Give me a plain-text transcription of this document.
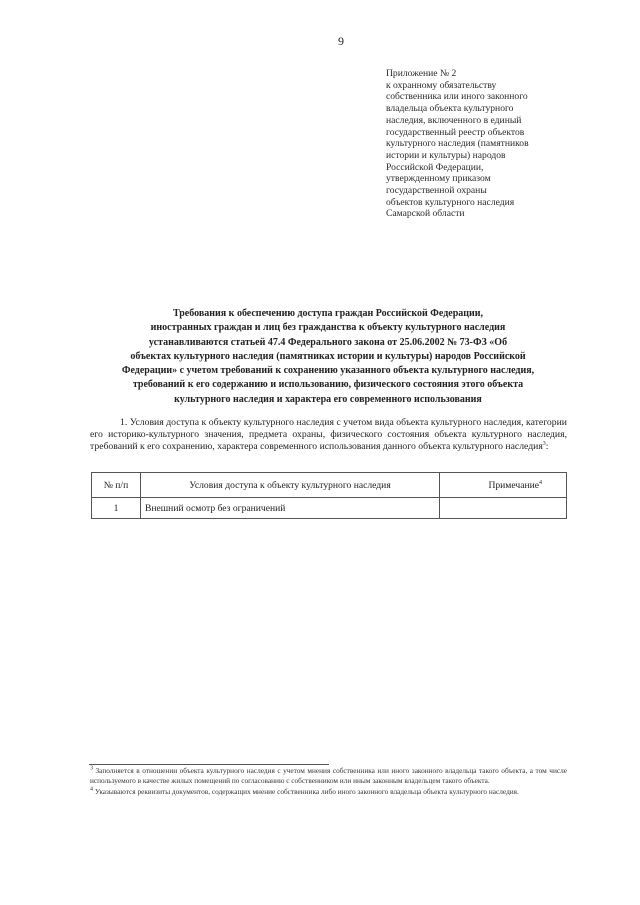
9
Приложение № 2
к охранному обязательству
собственника или иного законного
владельца объекта культурного
наследия, включенного в единый
государственный реестр объектов
культурного наследия (памятников
истории и культуры) народов
Российской Федерации,
утвержденному приказом
государственной охраны
объектов культурного наследия
Самарской области
Требования к обеспечению доступа граждан Российской Федерации,
иностранных граждан и лиц без гражданства к объекту культурного наследия
устанавливаются статьей 47.4 Федерального закона от 25.06.2002 № 73-ФЗ «Об
объектах культурного наследия (памятниках истории и культуры) народов Российской
Федерации» с учетом требований к сохранению указанного объекта культурного наследия,
требований к его содержанию и использованию, физического состояния этого объекта
культурного наследия и характера его современного использования
1. Условия доступа к объекту культурного наследия с учетом вида объекта культурного наследия, категории его историко-культурного значения, предмета охраны, физического состояния объекта культурного наследия, требований к его сохранению, характера современного использования данного объекта культурного наследия$^3$:
№ п/п	Условия доступа к объекту культурного наследия	Примечание$^4$
1	Внешний осмотр без ограничений	

$^3$ Заполняется в отношении объекта культурного наследия с учетом мнения собственника или иного законного владельца такого объекта, а том числе используемого в качестве жилых помещений по согласованию с собственником или иным законным владельцем такого объекта.

$^4$ Указываются реквизиты документов, содержащих мнение собственника либо иного законного владельца объекта культурного наследия.
